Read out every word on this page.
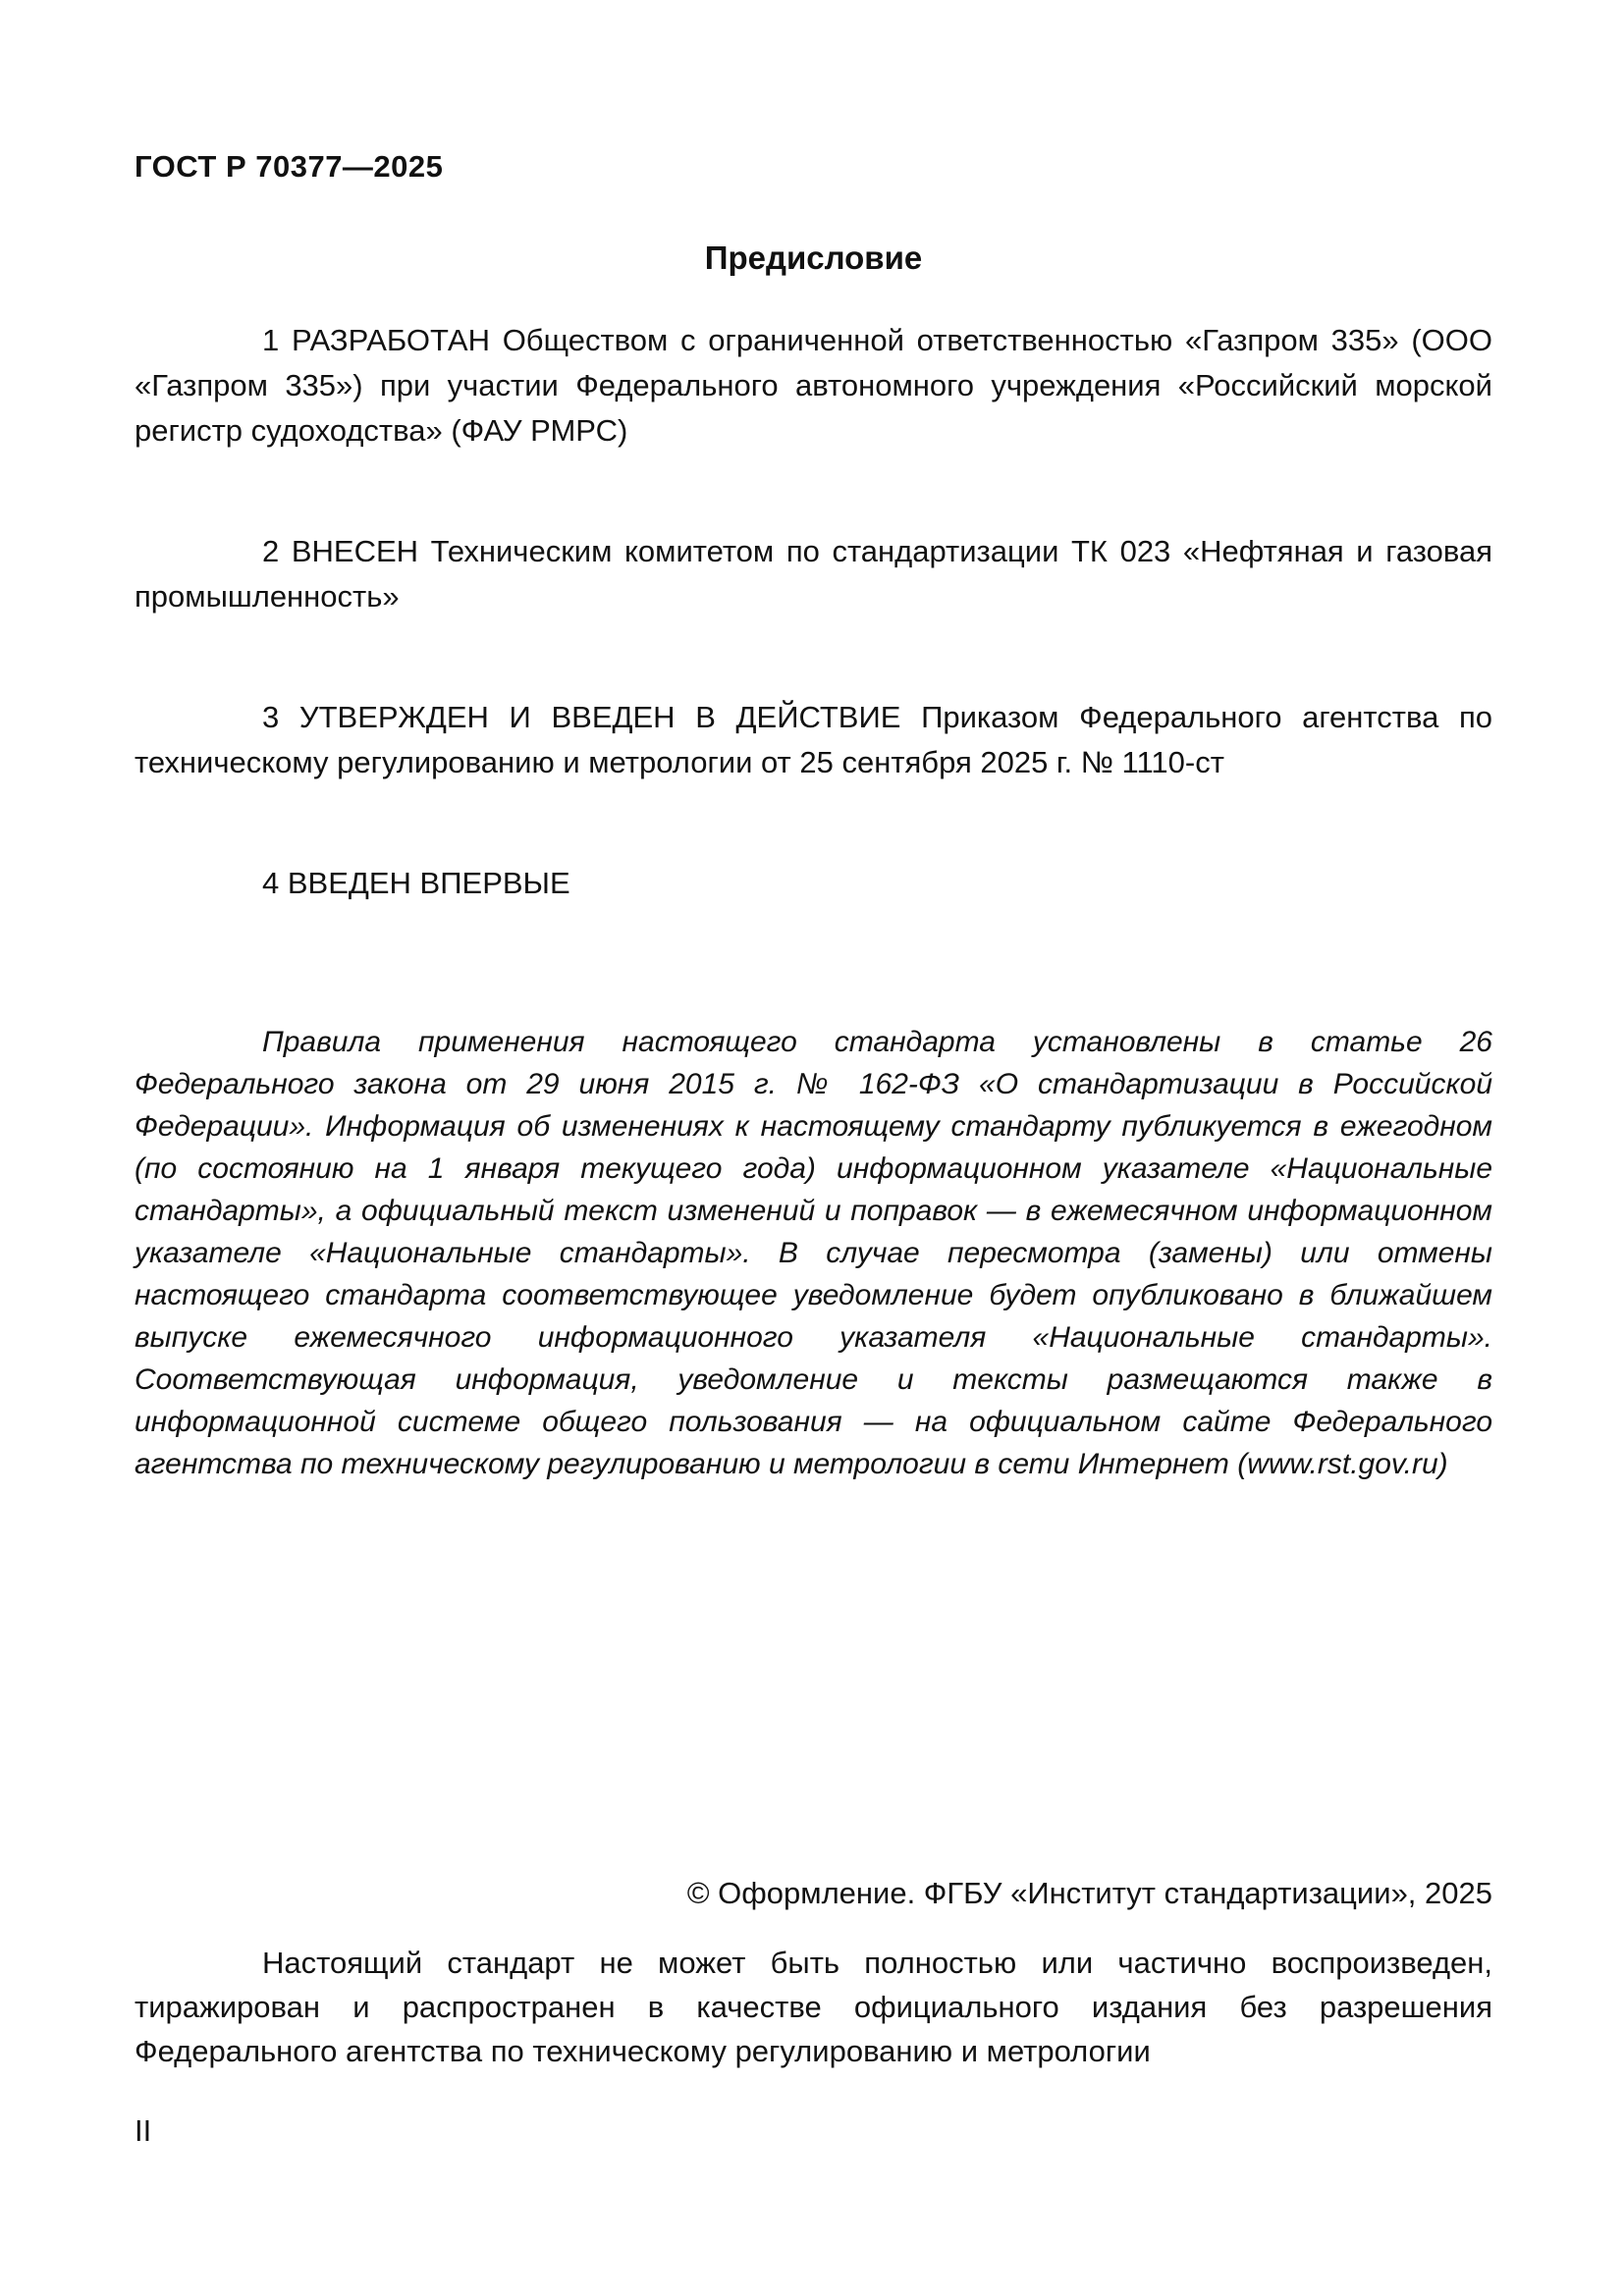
ГОСТ Р 70377—2025
Предисловие

1 РАЗРАБОТАН Обществом с ограниченной ответственностью «Газпром 335» (ООО «Газпром 335») при участии Федерального автономного учреждения «Российский морской регистр судоходства» (ФАУ РМРС)

2 ВНЕСЕН Техническим комитетом по стандартизации ТК 023 «Нефтяная и газовая промышленность»

3 УТВЕРЖДЕН И ВВЕДЕН В ДЕЙСТВИЕ Приказом Федерального агентства по техническому регулированию и метрологии от 25 сентября 2025 г. № 1110-ст

4 ВВЕДЕН ВПЕРВЫЕ

Правила применения настоящего стандарта установлены в статье 26 Федерального закона от 29 июня 2015 г. № 162-ФЗ «О стандартизации в Российской Федерации». Информация об изменениях к настоящему стандарту публикуется в ежегодном (по состоянию на 1 января текущего года) информационном указателе «Национальные стандарты», а официальный текст изменений и поправок — в ежемесячном информационном указателе «Национальные стандарты». В случае пересмотра (замены) или отмены настоящего стандарта соответствующее уведомление будет опубликовано в ближайшем выпуске ежемесячного информационного указателя «Национальные стандарты». Соответствующая информация, уведомление и тексты размещаются также в информационной системе общего пользования — на официальном сайте Федерального агентства по техническому регулированию и метрологии в сети Интернет (www.rst.gov.ru)

© Оформление. ФГБУ «Институт стандартизации», 2025

Настоящий стандарт не может быть полностью или частично воспроизведен, тиражирован и распространен в качестве официального издания без разрешения Федерального агентства по техническому регулированию и метрологии

II
